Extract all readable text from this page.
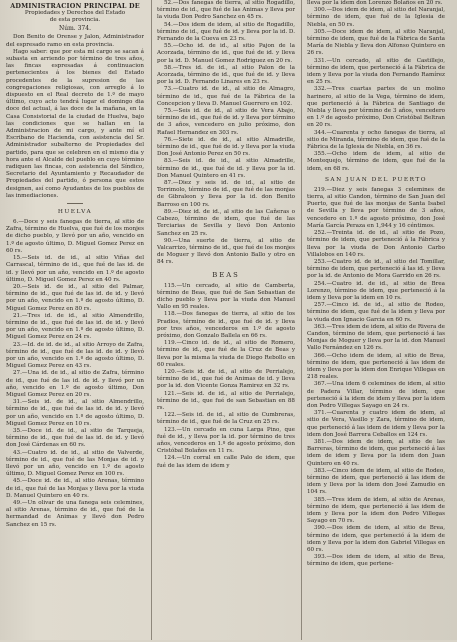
ADMINISTRACION PRINCIPAL DE
Propiedades y Derechos del Estado
de esta provincia.
Núm. 374.

Don Benito de Orense y Jalon, Administrador del espresado ramo en esta provincia.

Hago saber: que por esta mi cargo se sacan á subasta en arriendo por término de tres años, las fincas espresadas á continuacion pertenecientes á los bienes del Estado procedentes de la supresion de las congregaciones religiosas, con arreglo á lo dispuesto en el Real decreto de 1.º de mayo último, cuyo acto tendrá lugar el domingo dia doce del actual, á las doce de la mañana, en la Casa Consistorial de la ciudad de Huelva, bajo las condiciones que se hallan en la Administracion de mi cargo, y ante mí el Escribano de Hacienda, con asistencia del Sr. Administrador subalterno de Propiedades del partido, para que se celebren en el mismo dia y hora ante el Alcalde del pueblo en cuyo término radiquen las fincas, con asistencia del Síndico, Secretario del Ayuntamiento y Recaudador de Propiedades del partido, ó persona que estos designen, así como Ayudantes de los pueblos de las inmediaciones.

HUELVA

6.—Doce y seis fanegas de tierra, al sitio de Zafra, término de Huelva, que fué de los monjes de dicho pueblo, y llevó por un año, vencido en 1.º de agosto último, D. Miguel Gomez Perez en 60 rs.

15.—Seis id. de id., al sitio Viñas del Carrascal, término de id., que fué de las id. de id. y llevó por un año, vencido en 1.º de agosto último, D. Miguel Gomez Perez en 40 rs.

20.—Seis id. de id., al sitio del Palmar, término de id., que fué de las id. de id. y llevó por un año, vencido en 1.º de agosto último, D. Miguel Gomez Perez en 80 rs.

21.—Tres id. de id., al sitio Almendrillo, término de id., que fué de las id. de id. y llevó por un año, vencido en 1.º de agosto último, D. Miguel Gomez Perez en 24 rs.

23.—Id. de id. de id., al sitio Arroyo de Zafra, término de id., que fué de las id. de id. y llevó por un año, vencido en 1.º de agosto último, D. Miguel Gomez Perez en 43 rs.

27.—Una id. de id., al sitio de Zafra, término de id., que fué de las id. de id. y llevó por un año, vencido en 1.º de agosto último, Don Miguel Gomez Perez en 20 rs.

31.—Seis id. de id., al sitio Almendrillo, término de id., que fué de las id. de id. y llevó por un año, vencido en 1.º de agosto último, D. Miguel Gomez Perez en 10 rs.

35.—Doce id. de id., al sitio de Tarqueja, término de id., que fué de las id. de id. y llevó don José Cárdenas en 60 rs.

43.—Cuatro id. de id., al sitio de Valverde, término de id., que fué de las Monjas de id. y llevó por un año, vencido en 1.º de agosto último, D. Miguel Gomez Perez en 100 rs.

45.—Doce id. de id., al sitio Arenas, término de id., que fué de las Monjas y lleva por la viuda D. Manuel Quintero en 40 rs.

49.—Un olivar de una fanega seis celemines, al sitio Arenas, término de id., que fué de la hermandad de Animas y llevó don Pedro Sanchez en 15 rs.

52.—Dos fanegas de tierra, al sitio Rogadillo, término de id., que fué de las Animas y lleva por la viuda Don Pedro Sanchez en 45 rs.

54.—Dos idem de idem, al sitio de Rogadillo, término de id., que fué de id. y lleva por la id. D. Fernando de la Cueva en 23 rs.

55.—Ocho id. de id., al sitio Pajon de la Acorzada, término de id., que fué de id. y lleva por la id. D. Manuel Gomez Rodriguez en 20 rs.

58.—Tres id. de id., al sitio Palon de la Acorzada, término de id., que fué de id. y lleva por la id. D. Fernando Linares en 23 rs.

73.—Cuatro id. de id., al sitio de Almagro, término de id., que fué de la Fábrica de la Concepcion y lleva D. Manuel Guerrero en 102.

75.—Seis id. de id., al sitio de Vera Abajo, término de id., que fué de id. y lleva por término de 3 años, vencedero en julio próximo, don Rafael Hernandez en 303 rs.

76.—Siete id. de id., al sitio Almadrille, término de id., que fué de id. y lleva por la viuda Don José Antonio Perez en 50 rs.

83.—Seis id. de id., al sitio Almadrille, término de id., que fué de id. y lleva por la id. Don Manuel Quintero en 41 rs.

87.—Diez y seis id. de id., al sitio de Torrimolo, término de id., que fué de las monjas de Gibraleon y lleva por la id. don Benito Barroso en 100 rs.

89.—Diez id. de id., al sitio de las Cañeras o Cabezo, término de idem, que fué de las Terciarias de Sevilla y llevó Don Antonio Sanchez en 25 rs.

90.—Una suerte de tierra, al sitio de Valcarrizo, término de id., que fué de los monjes de Moguer y llevó don Antonio Ballo y otro en 84 rs.

BEAS

115.—Un cercado, al sitio de Camberta, término de Beas, que fué de San Sebastian de dicho pueblo y lleva por la viuda don Manuel Vallo en 95 reales.

118.—Dos fanegas de tierra, al sitio de los Pradios, término de id., que fué de id. y lleva por tres años, vencederos en 1.º de agosto próximo, don Gonzalo Ballela en 66 rs.

119.—Cinco id. de id., al sitio de Romero, término de id., que fué de la Cruz de Beas y lleva por la misma la viuda de Diego Rebollo en 60 reales.

120.—Seis id. de id., al sitio de Perrialejo, término de id., que fué de Animas de id. y lleva por la id. don Vicente Gonza Ramirez en 32 rs.

121.—Seis id. de id., al sitio de Perrialejo, término de id., que fué de san Sebastian en 88 rs.

122.—Seis id. de id., al sitio de Cumbreras, término de id., que fué de la Cruz en 25 rs.

123.—Un cercado en cuna Larga Pino, que fué de id., y lleva por la id. por término de tres años, vencederos en 1.º de agosto próximo, don Cristóbal Bolaños en 11 rs.

124.—Un corral en calle Palo de idem, que fué de las idem de idem y

lleva por la idem don Lorenzo Bolaños en 20 rs.

300.—Dos idem de idem, al sitio del Naranjal, término de idem, que fué de la Iglesia de Niebla, en 50 rs.

305.—Doce idem de idem, al sitio Naranjal, término de idem, que fué de la Fábrica de Santa María de Niebla y lleva don Alfonso Quintero en 26 rs.

331.—Un cercado, al sitio de Castillejo, término de idem, que perteneció á la Fábrica de idem y lleva por la viuda don Fernando Ramírez en 25 rs.

332.—Tres cuartas partes de un molino harinero, al sitio de la Vega, término de idem, que perteneció á la Fábrica de Santiago de Niebla y lleva por término de 3 años, vencedero en 1.º de agosto próximo, Don Cristóbal Beltran en 20 rs.

344.—Cuarenta y ocho fanegas de tierra, al sitio de Miranda, término de idem, que fué de la Fábrica de la Iglesia de Niebla, en 36 rs.

355.—Ocho idem de idem, al sitio de Montequejo, término de idem, que fué de la idem, en 68 rs.

SAN JUAN DEL PUERTO

219.—Diez y seis fanegas 3 celemines de tierra, al sitio Candon, término de San Juan del Puerto, que fué de las monjas de Santa Isabel de Sevilla y lleva por término de 3 años, vencedero en 1.º de agosto próximo, don José María García Peraza en 1,944 y 16 céntimos.

252.—Treinta id. de id., al sitio de Pozo, término de idem, que perteneció á la Fábrica y lleva por la viuda de Don Antonio Carbo Villalobos en 140 rs.

253.—Cuatro id. de id., al sitio del Tomillar, término de idem, que perteneció á las id. y lleva por la id. de Antonio de Mora Garrido en 26 rs.

254.—Cuatro id. de id., al sitio de Brea Lorenzo, término de idem, que perteneció á la idem y lleva por la idem en 10 rs.

257.—Cinco id. de id., al sitio de Rodeo, término de idem, que fué de la idem y lleva por la viuda don Ignacio Garcia en 60 rs.

363.—Tres idem de idem, al sitio de Rivera de Candon, término de idem, que perteneció á las Monjas de Moguer y lleva por la id. don Manuel Vallo Fernández en 126 rs.

366.—Ocho idem de idem, al sitio de Brea, término de idem, que perteneció á las idem de idem y lleva por la idem don Enrique Villegas en 218 reales.

367.—Una idem 6 celemines de idem, al sitio de Padera Villar, término de idem, que perteneció á la idem de idem y lleva por la idem don Pedro Villegas Sayago en 24 rs.

371.—Cuarenta y cuatro idem de idem, al sitio de Vera, Vasillo y Zara, término de idem, que perteneció á las idem de idem y lleva por la idem don José Barrera Ceballos en 124 rs.

381.—Dos idem de idem, al sitio de las Barreras, término de idem, que perteneció á las idem de idem y lleva por la idem don Juan Quintero en 40 rs.

383.—Cinco idem de idem, al sitio de Rodeo, término de idem, que perteneció á las idem de idem y lleva por la idem don José Zamudio en 104 rs.

385.—Tres idem de idem, al sitio de Arenas, término de idem, que perteneció á las idem de idem y lleva por la idem don Pedro Villegas Sayago en 70 rs.

390.—Dos idem de idem, al sitio de Brea, término de idem, que perteneció á la idem de idem y lleva por la idem don Gabriel Villegas en 60 rs.

393.—Dos idem de idem, al sitio de Brea, término de idem, que pertene-
